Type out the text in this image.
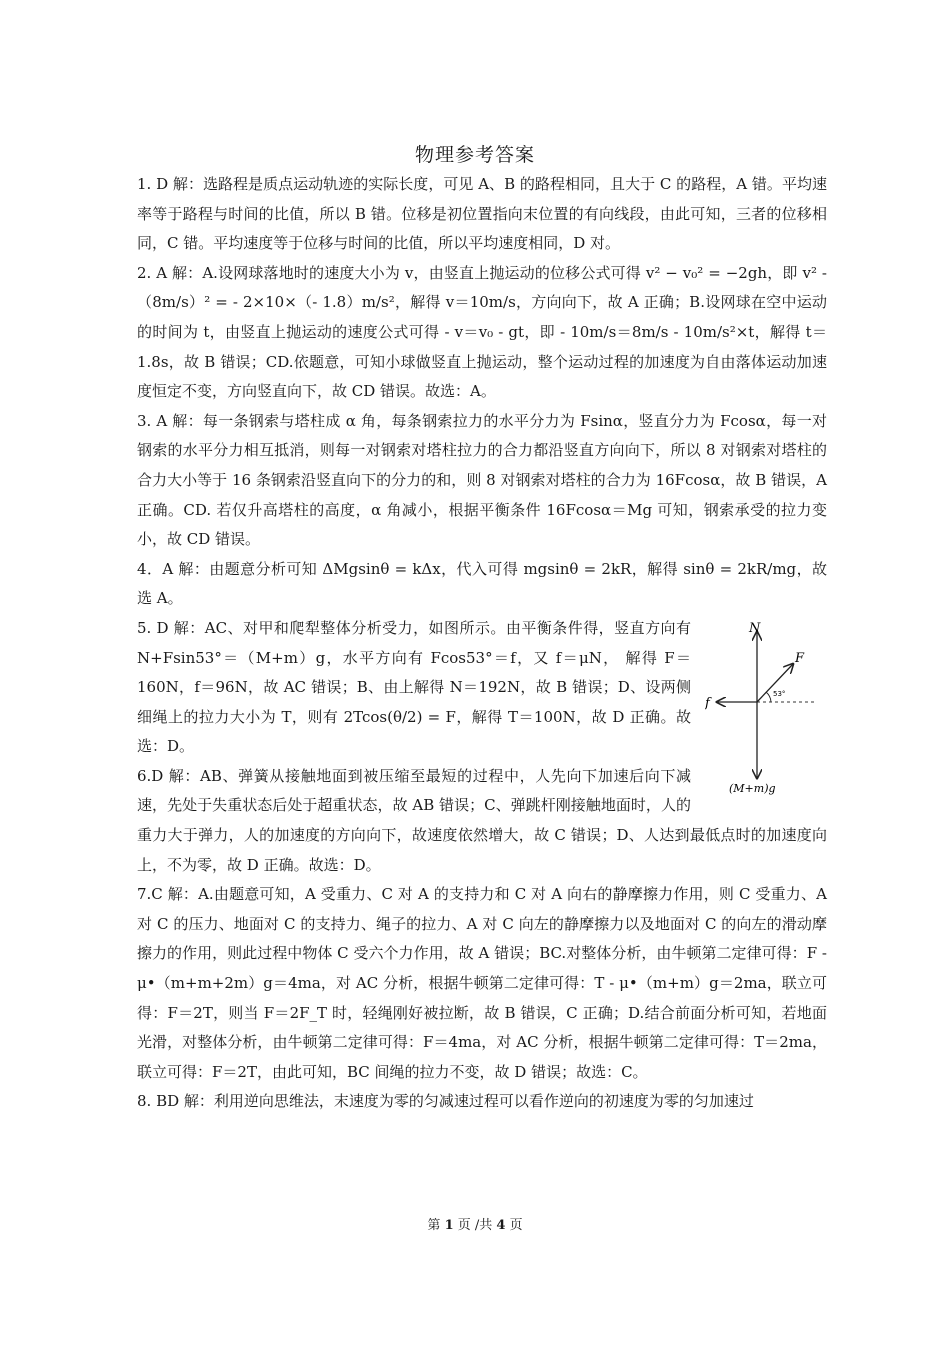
物理参考答案

1. D 解：选路程是质点运动轨迹的实际长度，可见 A、B 的路程相同，且大于 C 的路程，A 错。平均速率等于路程与时间的比值，所以 B 错。位移是初位置指向末位置的有向线段，由此可知，三者的位移相同，C 错。平均速度等于位移与时间的比值，所以平均速度相同，D 对。

2. A 解：A.设网球落地时的速度大小为 v，由竖直上抛运动的位移公式可得 v² − v₀² = −2gh，即 v² -（8m/s）² = - 2×10×（- 1.8）m/s²，解得 v＝10m/s，方向向下，故 A 正确；B.设网球在空中运动的时间为 t，由竖直上抛运动的速度公式可得 - v＝v₀ - gt，即 - 10m/s＝8m/s - 10m/s²×t，解得 t＝1.8s，故 B 错误；CD.依题意，可知小球做竖直上抛运动，整个运动过程的加速度为自由落体运动加速度恒定不变，方向竖直向下，故 CD 错误。故选：A。

3. A 解：每一条钢索与塔柱成 α 角，每条钢索拉力的水平分力为 Fsinα，竖直分力为 Fcosα，每一对钢索的水平分力相互抵消，则每一对钢索对塔柱拉力的合力都沿竖直方向向下，所以 8 对钢索对塔柱的合力大小等于 16 条钢索沿竖直向下的分力的和，则 8 对钢索对塔柱的合力为 16Fcosα，故 B 错误，A 正确。CD. 若仅升高塔柱的高度，α 角减小，根据平衡条件 16Fcosα＝Mg 可知，钢索承受的拉力变小，故 CD 错误。

4．A 解：由题意分析可知 ΔMgsinθ = kΔx，代入可得 mgsinθ = 2kR，解得 sinθ = 2kR/mg，故选 A。

N
F
53°
f
(M+m)g

5. D 解：AC、对甲和爬犁整体分析受力，如图所示。由平衡条件得，竖直方向有 N+Fsin53°＝（M+m）g，水平方向有 Fcos53°＝f，又 f＝μN， 解得 F＝160N，f＝96N，故 AC 错误；B、由上解得 N＝192N，故 B 错误；D、设两侧细绳上的拉力大小为 T，则有 2Tcos(θ/2) = F，解得 T＝100N，故 D 正确。故选：D。

6.D 解：AB、弹簧从接触地面到被压缩至最短的过程中，人先向下加速后向下减速，先处于失重状态后处于超重状态，故 AB 错误；C、弹跳杆刚接触地面时，人的重力大于弹力，人的加速度的方向向下，故速度依然增大，故 C 错误；D、人达到最低点时的加速度向上，不为零，故 D 正确。故选：D。

7.C 解：A.由题意可知，A 受重力、C 对 A 的支持力和 C 对 A 向右的静摩擦力作用，则 C 受重力、A 对 C 的压力、地面对 C 的支持力、绳子的拉力、A 对 C 向左的静摩擦力以及地面对 C 的向左的滑动摩擦力的作用，则此过程中物体 C 受六个力作用，故 A 错误；BC.对整体分析，由牛顿第二定律可得：F - μ•（m+m+2m）g＝4ma，对 AC 分析，根据牛顿第二定律可得：T - μ•（m+m）g＝2ma，联立可得：F＝2T，则当 F＝2F_T 时，轻绳刚好被拉断，故 B 错误，C 正确；D.结合前面分析可知，若地面光滑，对整体分析，由牛顿第二定律可得：F＝4ma，对 AC 分析，根据牛顿第二定律可得：T＝2ma，联立可得：F＝2T，由此可知，BC 间绳的拉力不变，故 D 错误；故选：C。

8. BD 解：利用逆向思维法，末速度为零的匀减速过程可以看作逆向的初速度为零的匀加速过

第 1 页 /共 4 页
